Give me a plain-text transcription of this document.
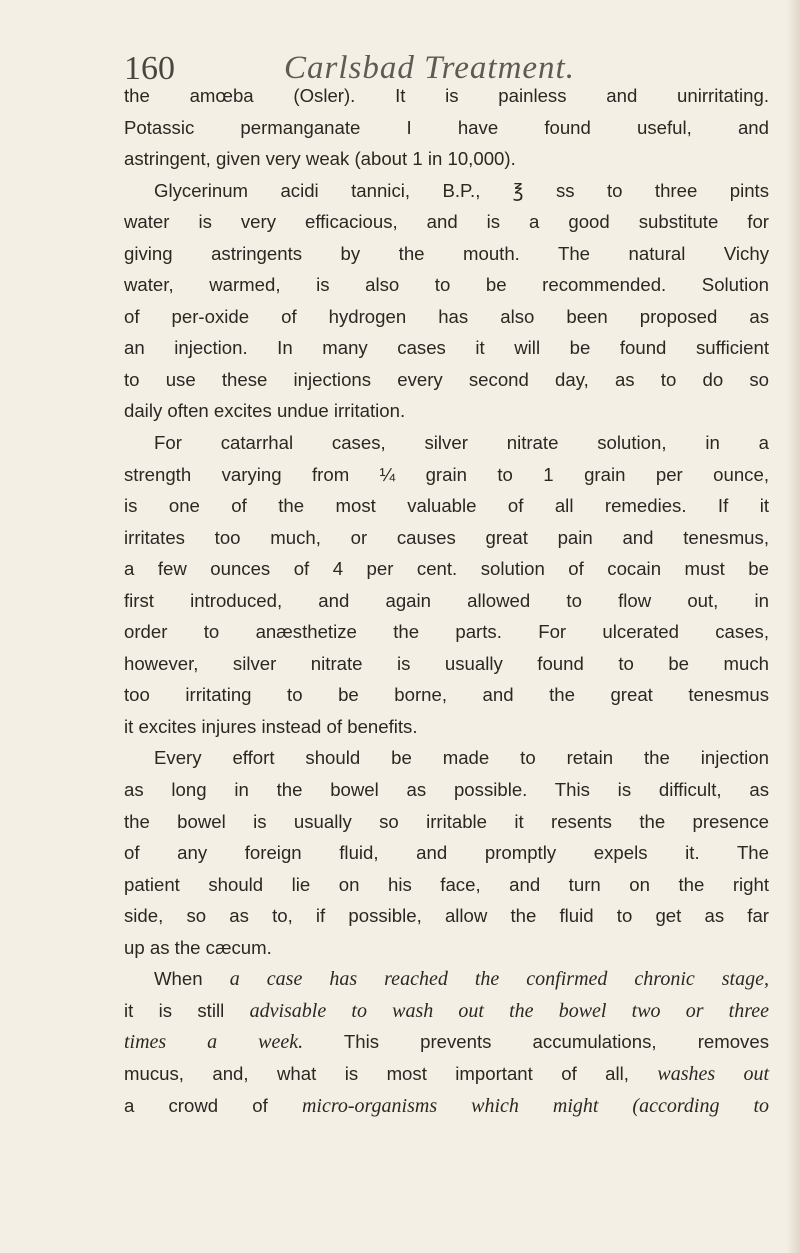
160	Carlsbad Treatment.
the amœba (Osler). It is painless and unirritating.
Potassic permanganate I have found useful, and
astringent, given very weak (about 1 in 10,000).
Glycerinum acidi tannici, B.P., ℥ ss to three pints
water is very efficacious, and is a good substitute for
giving astringents by the mouth. The natural Vichy
water, warmed, is also to be recommended. Solution
of per-oxide of hydrogen has also been proposed as
an injection. In many cases it will be found sufficient
to use these injections every second day, as to do so
daily often excites undue irritation.
For catarrhal cases, silver nitrate solution, in a
strength varying from ¼ grain to 1 grain per ounce,
is one of the most valuable of all remedies. If it
irritates too much, or causes great pain and tenesmus,
a few ounces of 4 per cent. solution of cocain must be
first introduced, and again allowed to flow out, in
order to anæsthetize the parts. For ulcerated cases,
however, silver nitrate is usually found to be much
too irritating to be borne, and the great tenesmus
it excites injures instead of benefits.
Every effort should be made to retain the injection
as long in the bowel as possible. This is difficult, as
the bowel is usually so irritable it resents the presence
of any foreign fluid, and promptly expels it. The
patient should lie on his face, and turn on the right
side, so as to, if possible, allow the fluid to get as far
up as the cæcum.
When a case has reached the confirmed chronic stage,
it is still advisable to wash out the bowel two or three
times a week. This prevents accumulations, removes
mucus, and, what is most important of all, washes out
a crowd of micro-organisms which might (according to
